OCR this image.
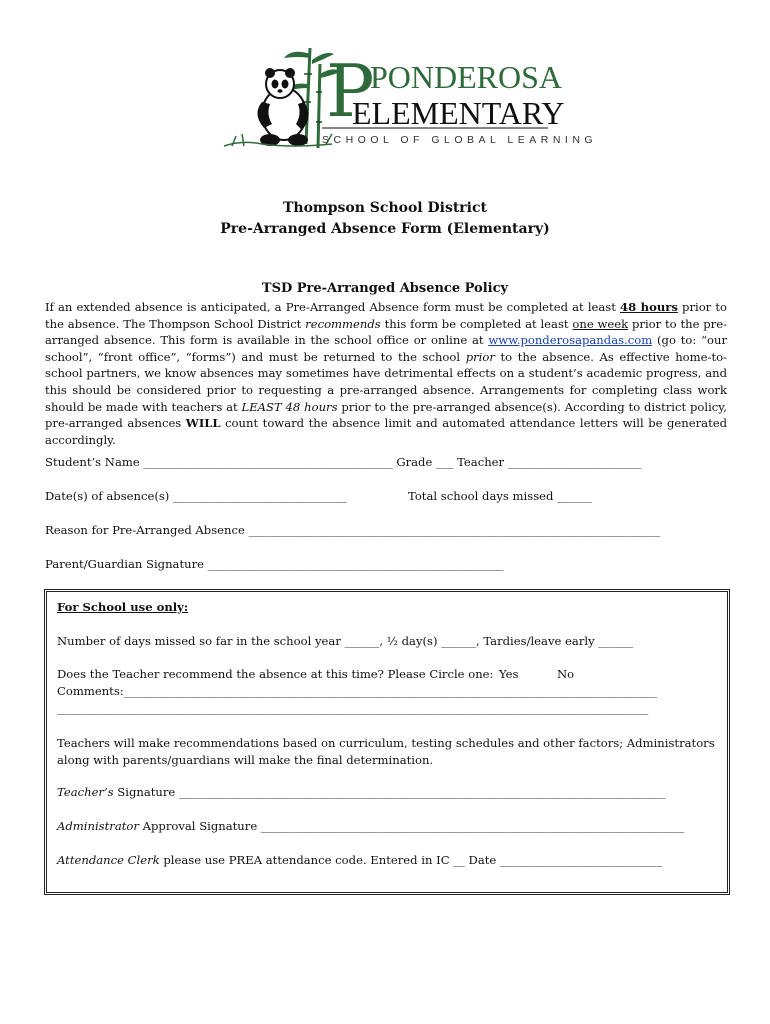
P
PONDEROSA
ELEMENTARY
SCHOOL OF GLOBAL LEARNING
Thompson School District
Pre-Arranged Absence Form (Elementary)
TSD Pre-Arranged Absence Policy
If an extended absence is anticipated, a Pre-Arranged Absence form must be completed at least 48 hours prior to the absence. The Thompson School District recommends this form be completed at least one week prior to the pre-arranged absence. This form is available in the school office or online at www.ponderosapandas.com (go to: “our school”, “front office”, “forms”) and must be returned to the school prior to the absence. As effective home-to-school partners, we know absences may sometimes have detrimental effects on a student’s academic progress, and this should be considered prior to requesting a pre-arranged absence. Arrangements for completing class work should be made with teachers at LEAST 48 hours prior to the pre-arranged absence(s). According to district policy, pre-arranged absences WILL count toward the absence limit and automated attendance letters will be generated accordingly.
Student’s Name ___________________________________________ Grade ___ Teacher _______________________
Date(s) of absence(s) ______________________________	Total school days missed ______
Reason for Pre-Arranged Absence _______________________________________________________________________
Parent/Guardian Signature ___________________________________________________
For School use only:
Number of days missed so far in the school year ______, ½ day(s) ______, Tardies/leave early ______
Does the Teacher recommend the absence at this time? Please Circle one: Yes	No
Comments:____________________________________________________________________________________________
______________________________________________________________________________________________________
Teachers will make recommendations based on curriculum, testing schedules and other factors; Administrators along with parents/guardians will make the final determination.
Teacher’s Signature ____________________________________________________________________________________
Administrator Approval Signature _________________________________________________________________________
Attendance Clerk please use PREA attendance code. Entered in IC __ Date ____________________________
